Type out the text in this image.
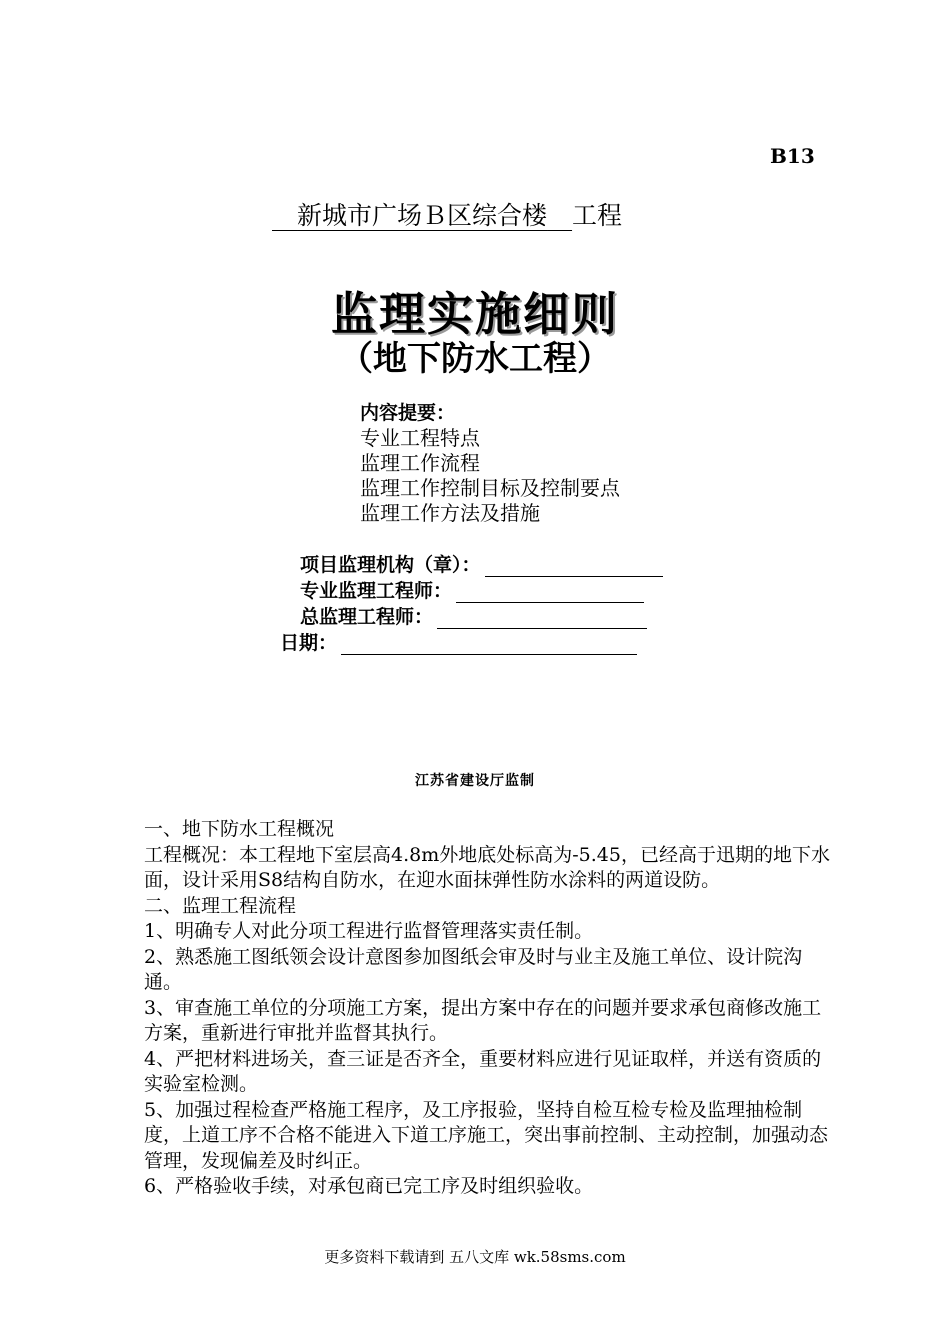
B13
　新城市广场Ｂ区综合楼　 工程
监理实施细则
（地下防水工程）
内容提要：
专业工程特点
监理工作流程
监理工作控制目标及控制要点
监理工作方法及措施
项目监理机构（章）：
专业监理工程师：
总监理工程师：
日期：
江苏省建设厅监制

一、地下防水工程概况

工程概况：本工程地下室层高4.8m外地底处标高为-5.45，已经高于迅期的地下水面，设计采用S8结构自防水，在迎水面抹弹性防水涂料的两道设防。

二、监理工程流程

1、明确专人对此分项工程进行监督管理落实责任制。

2、熟悉施工图纸领会设计意图参加图纸会审及时与业主及施工单位、设计院沟通。

3、审查施工单位的分项施工方案，提出方案中存在的问题并要求承包商修改施工方案，重新进行审批并监督其执行。

4、严把材料进场关，查三证是否齐全，重要材料应进行见证取样，并送有资质的实验室检测。

5、加强过程检查严格施工程序，及工序报验，坚持自检互检专检及监理抽检制度，上道工序不合格不能进入下道工序施工，突出事前控制、主动控制，加强动态管理，发现偏差及时纠正。

6、严格验收手续，对承包商已完工序及时组织验收。

更多资料下载请到 五八文库 wk.58sms.com
